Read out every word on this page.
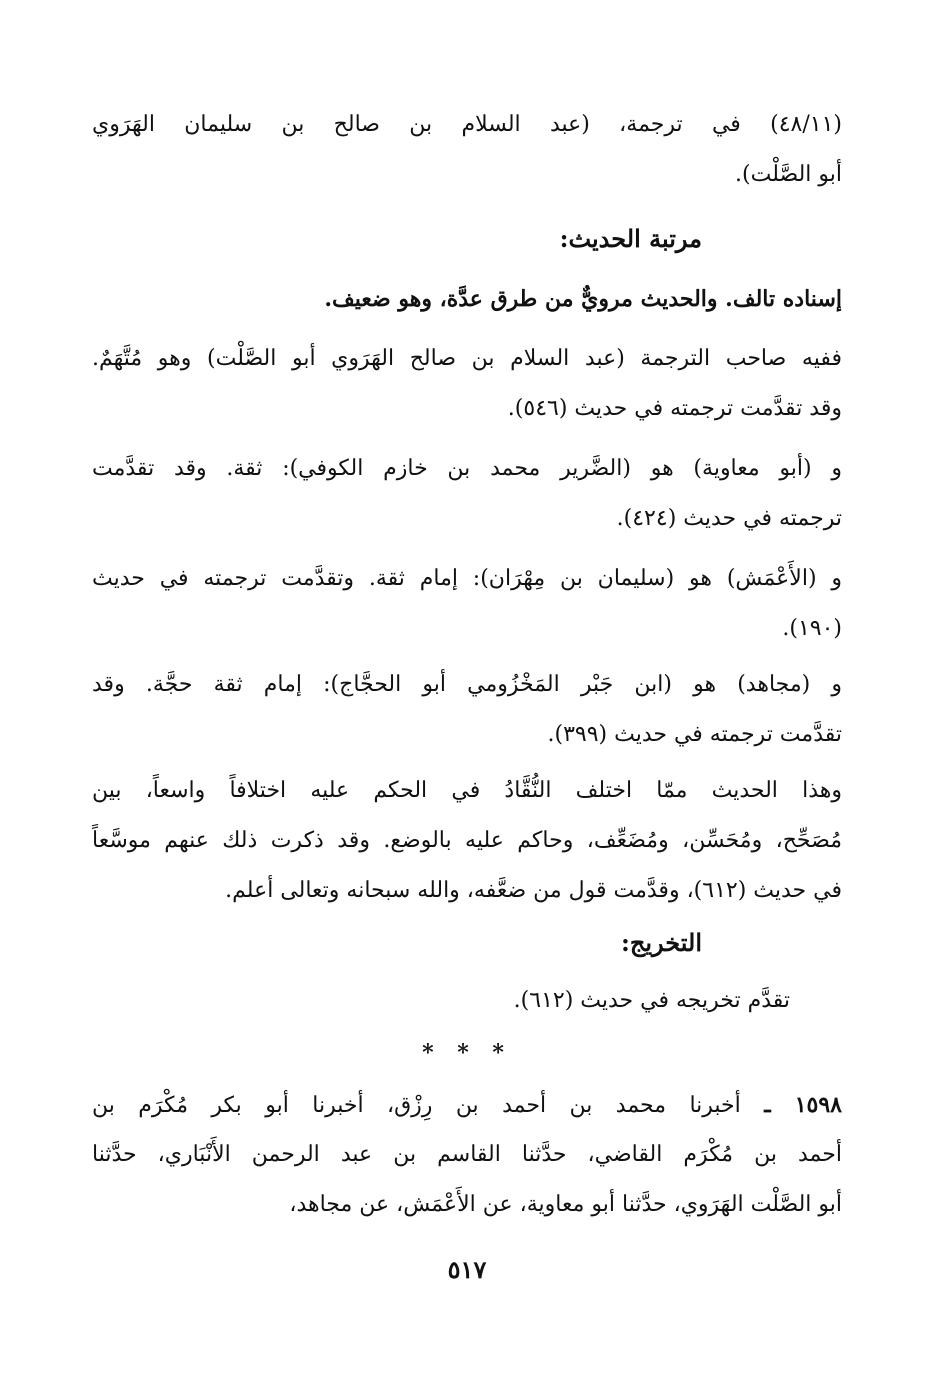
(٤٨/١١) في ترجمة، (عبد السلام بن صالح بن سليمان الهَرَوي
أبو الصَّلْت).
مرتبة الحديث:
إسناده تالف. والحديث مرويٌّ من طرق عدَّة، وهو ضعيف.
ففيه صاحب الترجمة (عبد السلام بن صالح الهَرَوي أبو الصَّلْت) وهو مُتَّهَمٌ.
وقد تقدَّمت ترجمته في حديث (٥٤٦).
و (أبو معاوية) هو (الضَّرير محمد بن خازم الكوفي): ثقة. وقد تقدَّمت
ترجمته في حديث (٤٢٤).
و (الأَعْمَش) هو (سليمان بن مِهْرَان): إمام ثقة. وتقدَّمت ترجمته في حديث
(١٩٠).
و (مجاهد) هو (ابن جَبْر المَخْزُومي أبو الحجَّاج): إمام ثقة حجَّة. وقد
تقدَّمت ترجمته في حديث (٣٩٩).
وهذا الحديث ممّا اختلف النُّقَّادُ في الحكم عليه اختلافاً واسعاً، بين
مُصَحِّح، ومُحَسِّن، ومُضَعِّف، وحاكم عليه بالوضع. وقد ذكرت ذلك عنهم موسَّعاً
في حديث (٦١٢)، وقدَّمت قول من ضعَّفه، والله سبحانه وتعالى أعلم.
التخريج:
تقدَّم تخريجه في حديث (٦١٢).
* * *
١٥٩٨ ـ أخبرنا محمد بن أحمد بن رِزْق، أخبرنا أبو بكر مُكْرَم بن
أحمد بن مُكْرَم القاضي، حدَّثنا القاسم بن عبد الرحمن الأَنْبَاري، حدَّثنا
أبو الصَّلْت الهَرَوي، حدَّثنا أبو معاوية، عن الأَعْمَش، عن مجاهد،
٥١٧
